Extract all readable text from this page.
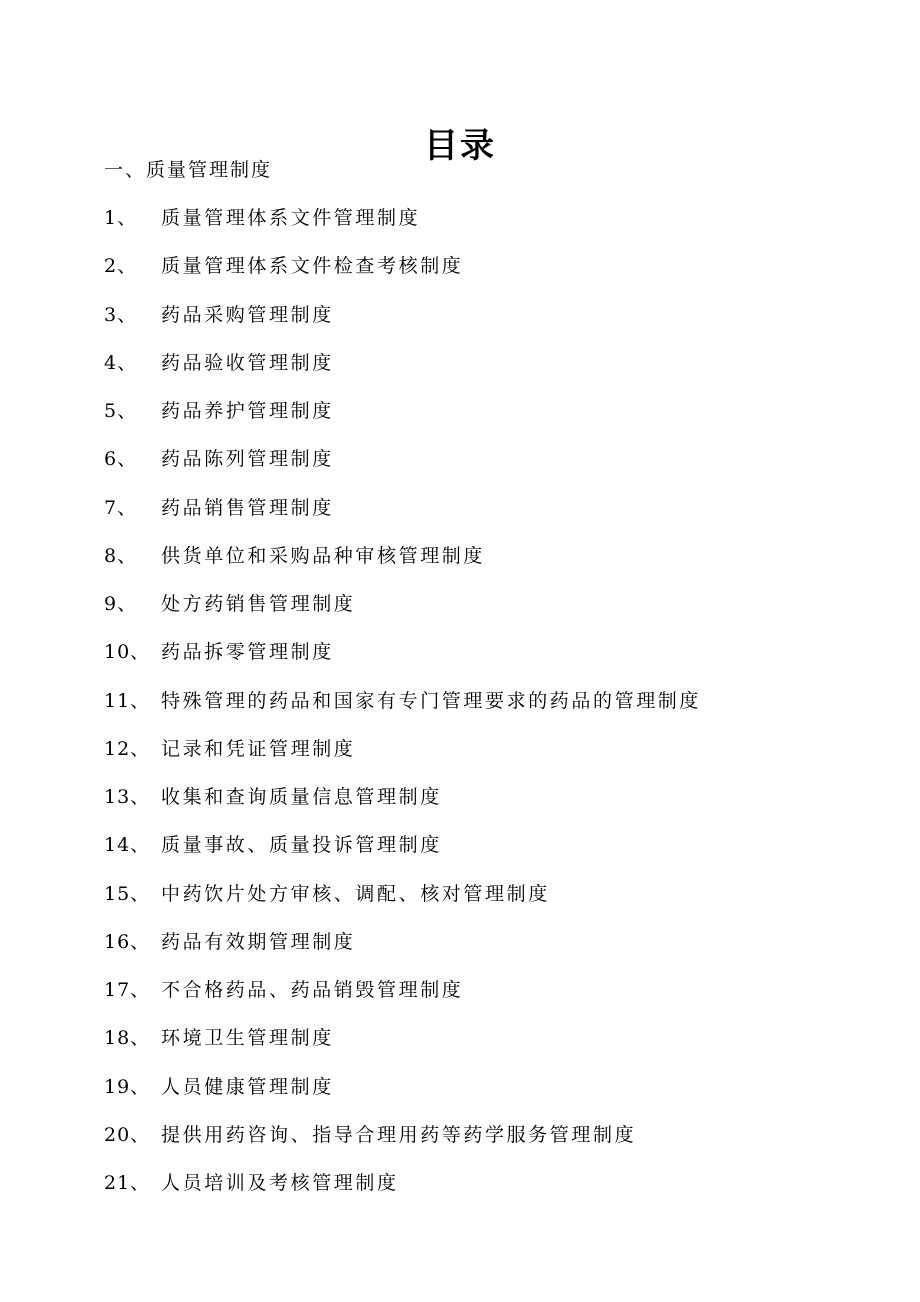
目录
一、质量管理制度
1、	质量管理体系文件管理制度
2、	质量管理体系文件检查考核制度
3、	药品采购管理制度
4、	药品验收管理制度
5、	药品养护管理制度
6、	药品陈列管理制度
7、	药品销售管理制度
8、	供货单位和采购品种审核管理制度
9、	处方药销售管理制度
10、 药品拆零管理制度
11、 特殊管理的药品和国家有专门管理要求的药品的管理制度
12、 记录和凭证管理制度
13、 收集和查询质量信息管理制度
14、 质量事故、质量投诉管理制度
15、 中药饮片处方审核、调配、核对管理制度
16、 药品有效期管理制度
17、 不合格药品、药品销毁管理制度
18、 环境卫生管理制度
19、 人员健康管理制度
20、 提供用药咨询、指导合理用药等药学服务管理制度
21、 人员培训及考核管理制度
